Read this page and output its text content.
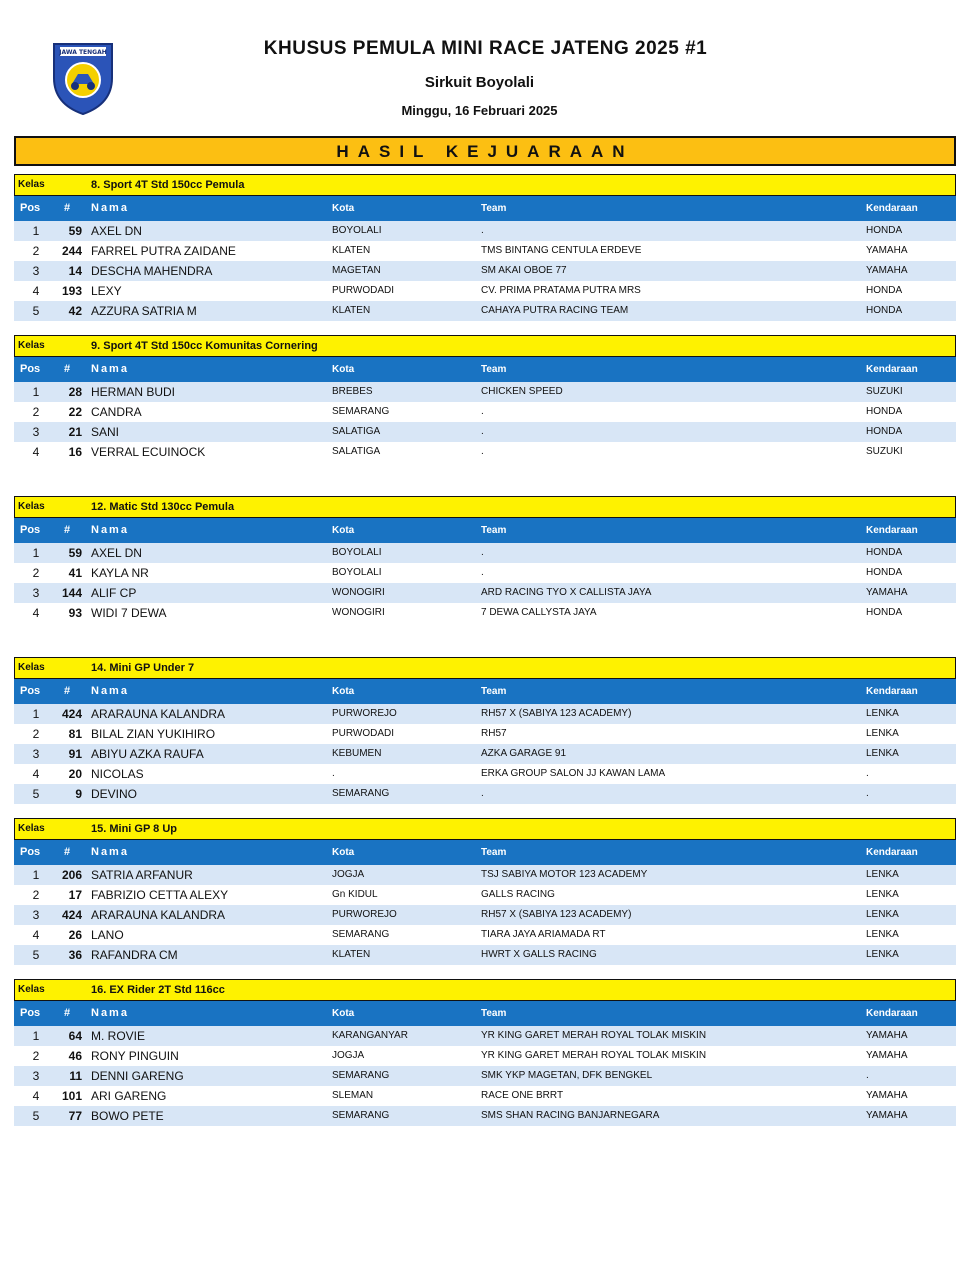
JAWA TENGAH	KHUSUS PEMULA MINI RACE JATENG 2025 #1
Sirkuit Boyolali
Minggu, 16 Februari 2025
HASIL KEJUARAAN
Kelas	8. Sport 4T Std 150cc Pemula
Pos # Nama	Kota	Team	Kendaraan
1	59 AXEL DN	BOYOLALI	.	HONDA
2	244 FARREL PUTRA ZAIDANE	KLATEN	TMS BINTANG CENTULA ERDEVE	YAMAHA
3	14 DESCHA MAHENDRA	MAGETAN	SM AKAI OBOE 77	YAMAHA
4	193 LEXY	PURWODADI	CV. PRIMA PRATAMA PUTRA MRS	HONDA
5	42 AZZURA SATRIA M	KLATEN	CAHAYA PUTRA RACING TEAM	HONDA
Kelas	9. Sport 4T Std 150cc Komunitas Cornering
Pos # Nama	Kota	Team	Kendaraan
1	28 HERMAN BUDI	BREBES	CHICKEN SPEED	SUZUKI
2	22 CANDRA	SEMARANG	.	HONDA
3	21 SANI	SALATIGA	.	HONDA
4	16 VERRAL ECUINOCK	SALATIGA	.	SUZUKI
Kelas	12. Matic Std 130cc Pemula
Pos # Nama	Kota	Team	Kendaraan
1	59 AXEL DN	BOYOLALI	.	HONDA
2	41 KAYLA NR	BOYOLALI	.	HONDA
3	144 ALIF CP	WONOGIRI	ARD RACING TYO X CALLISTA JAYA	YAMAHA
4	93 WIDI 7 DEWA	WONOGIRI	7 DEWA CALLYSTA JAYA	HONDA
Kelas	14. Mini GP Under 7
Pos # Nama	Kota	Team	Kendaraan
1	424 ARARAUNA KALANDRA	PURWOREJO	RH57 X (SABIYA 123 ACADEMY)	LENKA
2	81 BILAL ZIAN YUKIHIRO	PURWODADI	RH57	LENKA
3	91 ABIYU AZKA RAUFA	KEBUMEN	AZKA GARAGE 91	LENKA
4	20 NICOLAS	.	ERKA GROUP SALON JJ KAWAN LAMA	.
5	9 DEVINO	SEMARANG	.	.
Kelas	15. Mini GP 8 Up
Pos # Nama	Kota	Team	Kendaraan
1	206 SATRIA ARFANUR	JOGJA	TSJ SABIYA MOTOR 123 ACADEMY	LENKA
2	17 FABRIZIO CETTA ALEXY	Gn KIDUL	GALLS RACING	LENKA
3	424 ARARAUNA KALANDRA	PURWOREJO	RH57 X (SABIYA 123 ACADEMY)	LENKA
4	26 LANO	SEMARANG	TIARA JAYA ARIAMADA RT	LENKA
5	36 RAFANDRA CM	KLATEN	HWRT X GALLS RACING	LENKA
Kelas	16. EX Rider 2T Std 116cc
Pos # Nama	Kota	Team	Kendaraan
1	64 M. ROVIE	KARANGANYAR	YR KING GARET MERAH ROYAL TOLAK MISKIN	YAMAHA
2	46 RONY PINGUIN	JOGJA	YR KING GARET MERAH ROYAL TOLAK MISKIN	YAMAHA
3	11 DENNI GARENG	SEMARANG	SMK YKP MAGETAN, DFK BENGKEL	.
4	101 ARI GARENG	SLEMAN	RACE ONE BRRT	YAMAHA
5	77 BOWO PETE	SEMARANG	SMS SHAN RACING BANJARNEGARA	YAMAHA
